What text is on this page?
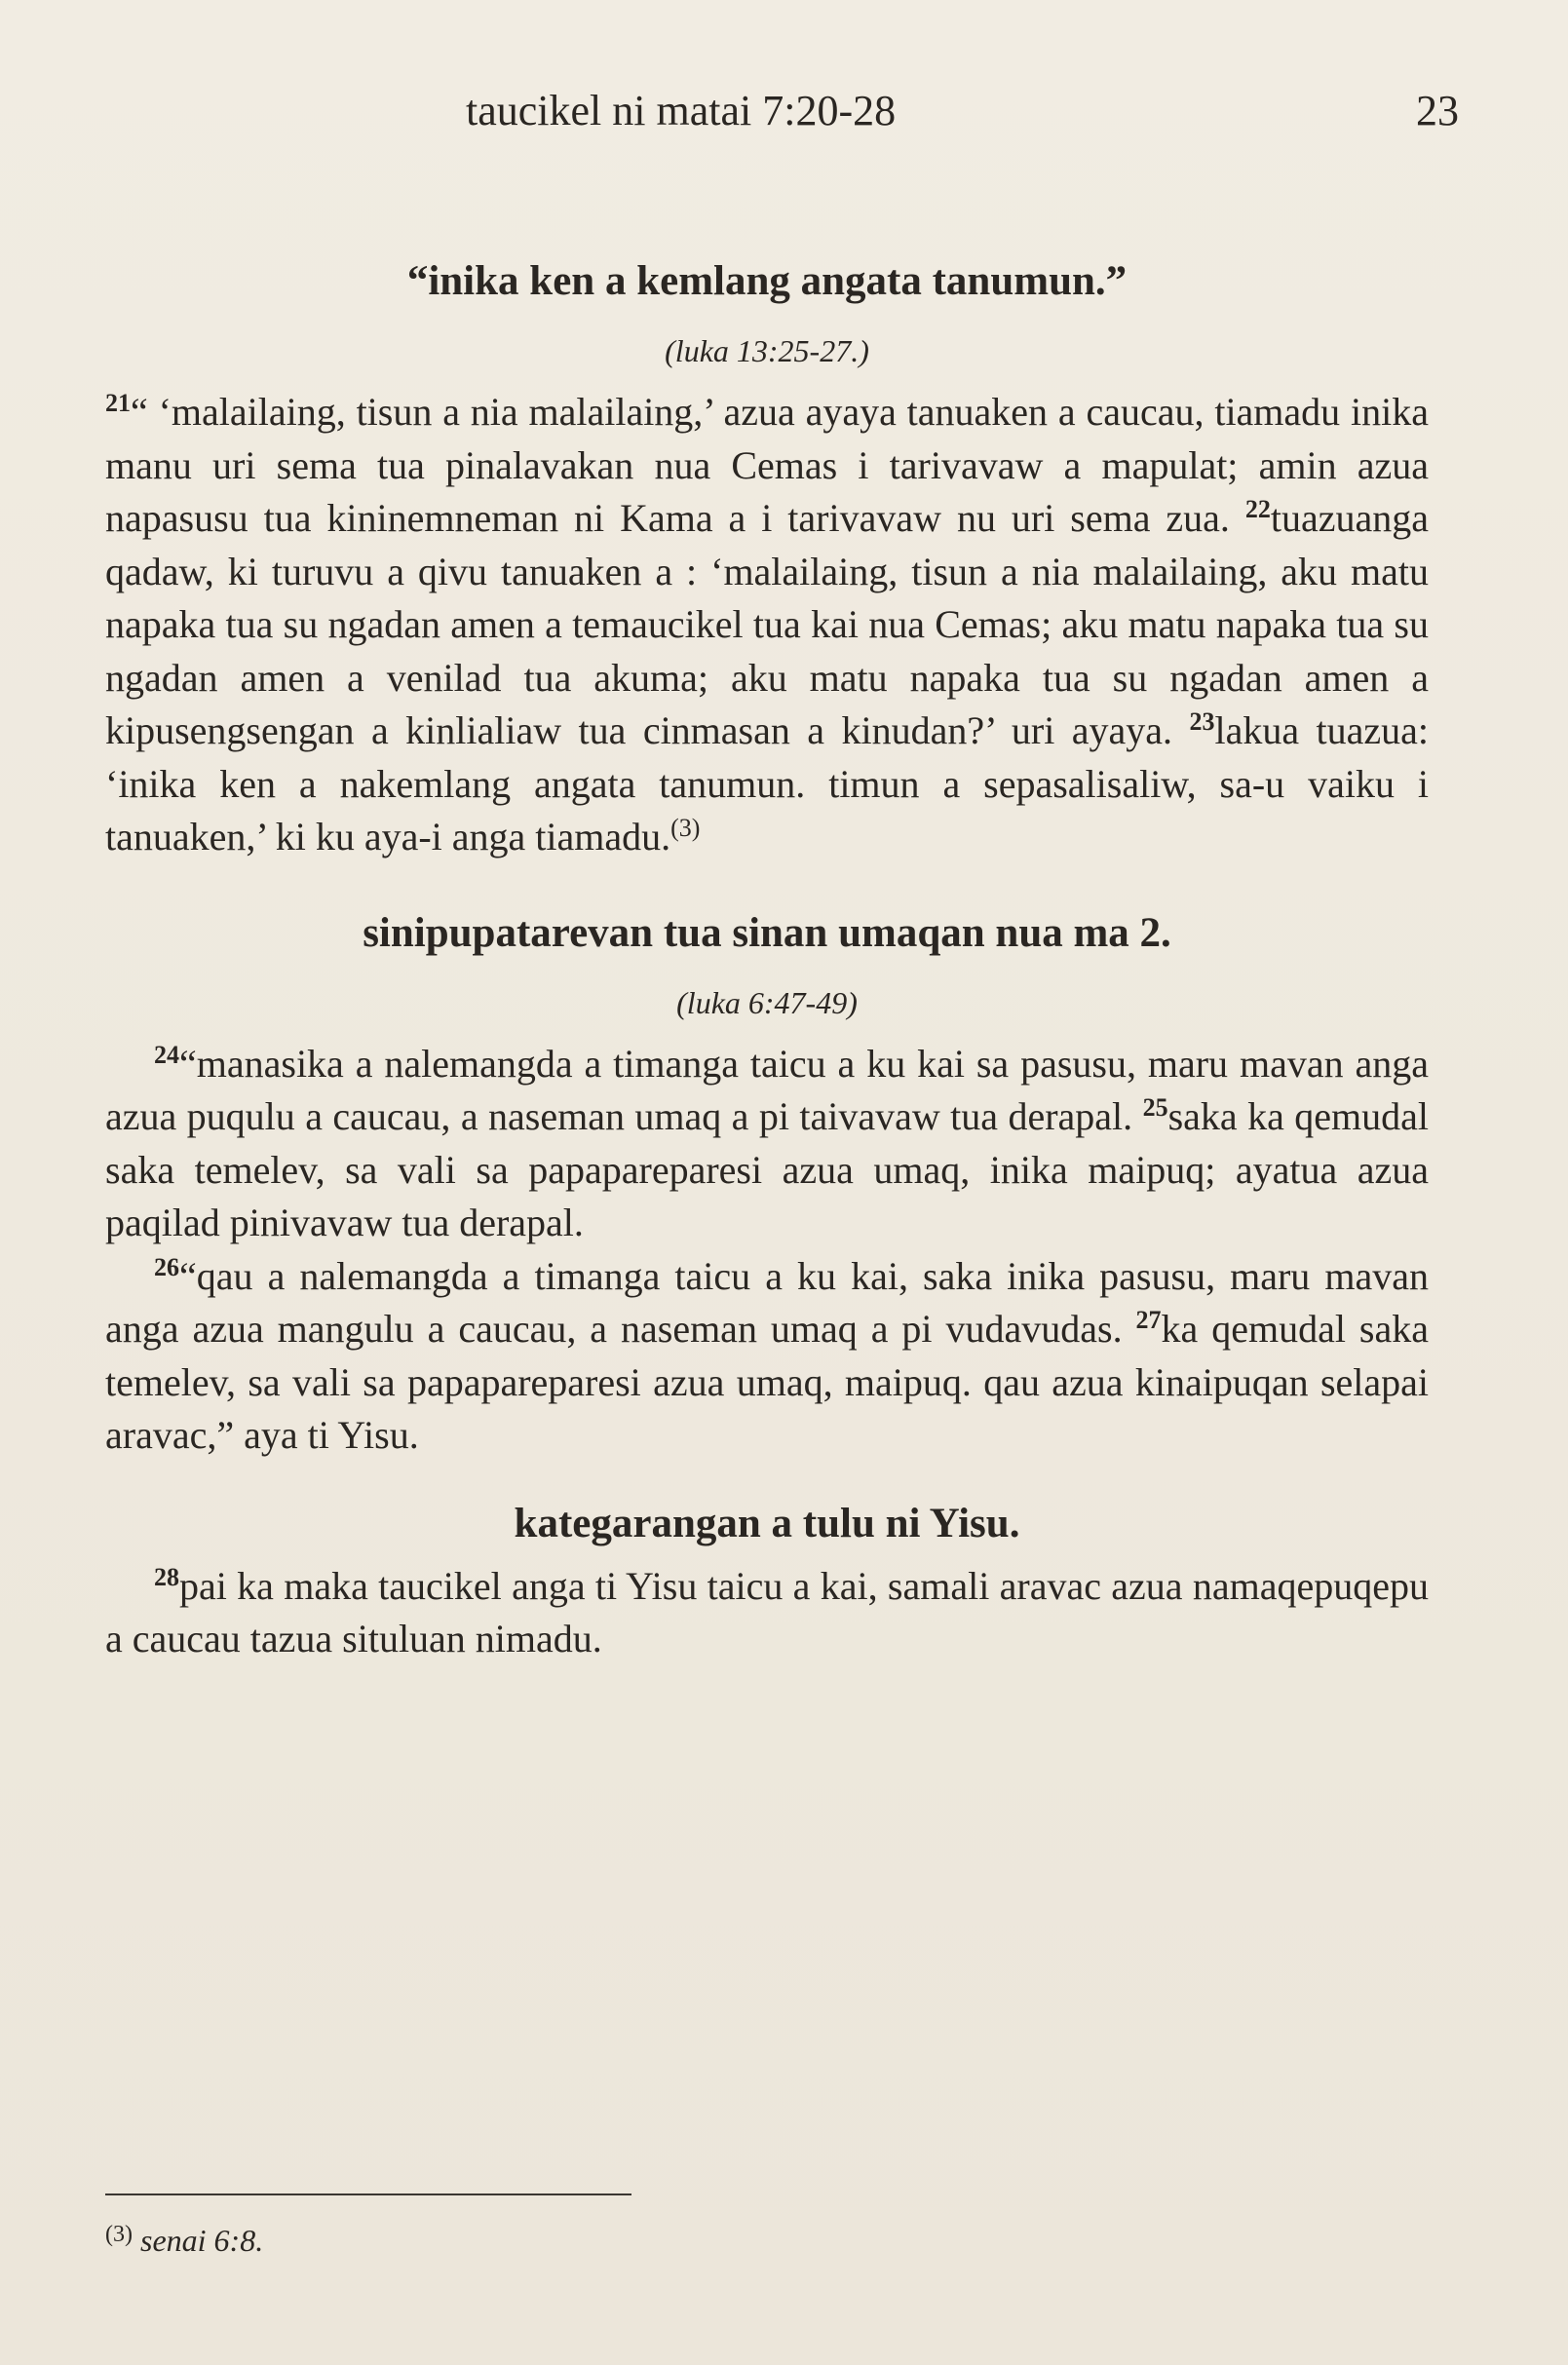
taucikel ni matai 7:20-28	23

“inika ken a kemlang angata tanumun.”

(luka 13:25-27.)

$^{21}$“ ‘malailaing, tisun a nia malailaing,’ azua ayaya tanuaken a caucau, tiamadu inika manu uri sema tua pinalavakan nua Cemas i tarivavaw a mapulat; amin azua napasusu tua kininemneman ni Kama a i tarivavaw nu uri sema zua. $^{22}$tuazuanga qadaw, ki turuvu a qivu tanuaken a : ‘malailaing, tisun a nia malailaing, aku matu napaka tua su ngadan amen a temaucikel tua kai nua Cemas; aku matu napaka tua su ngadan amen a venilad tua akuma; aku matu napaka tua su ngadan amen a kipusengsengan a kinlialiaw tua cinmasan a kinudan?’ uri ayaya. $^{23}$lakua tuazua: ‘inika ken a nakemlang angata tanumun. timun a sepasalisaliw, sa-u vaiku i tanuaken,’ ki ku aya-i anga tiamadu.$^{(3)}$

sinipupatarevan tua sinan umaqan nua ma 2.

(luka 6:47-49)

$^{24}$“manasika a nalemangda a timanga taicu a ku kai sa pasusu, maru mavan anga azua puqulu a caucau, a naseman umaq a pi taivavaw tua derapal. $^{25}$saka ka qemudal saka temelev, sa vali sa papapareparesi azua umaq, inika maipuq; ayatua azua paqilad pinivavaw tua derapal.

$^{26}$“qau a nalemangda a timanga taicu a ku kai, saka inika pasusu, maru mavan anga azua mangulu a caucau, a naseman umaq a pi vudavudas. $^{27}$ka qemudal saka temelev, sa vali sa papapareparesi azua umaq, maipuq. qau azua kinaipuqan selapai aravac,” aya ti Yisu.

kategarangan a tulu ni Yisu.

$^{28}$pai ka maka taucikel anga ti Yisu taicu a kai, samali aravac azua namaqepuqepu a caucau tazua situluan nimadu.

$^{(3)}$ senai 6:8.
